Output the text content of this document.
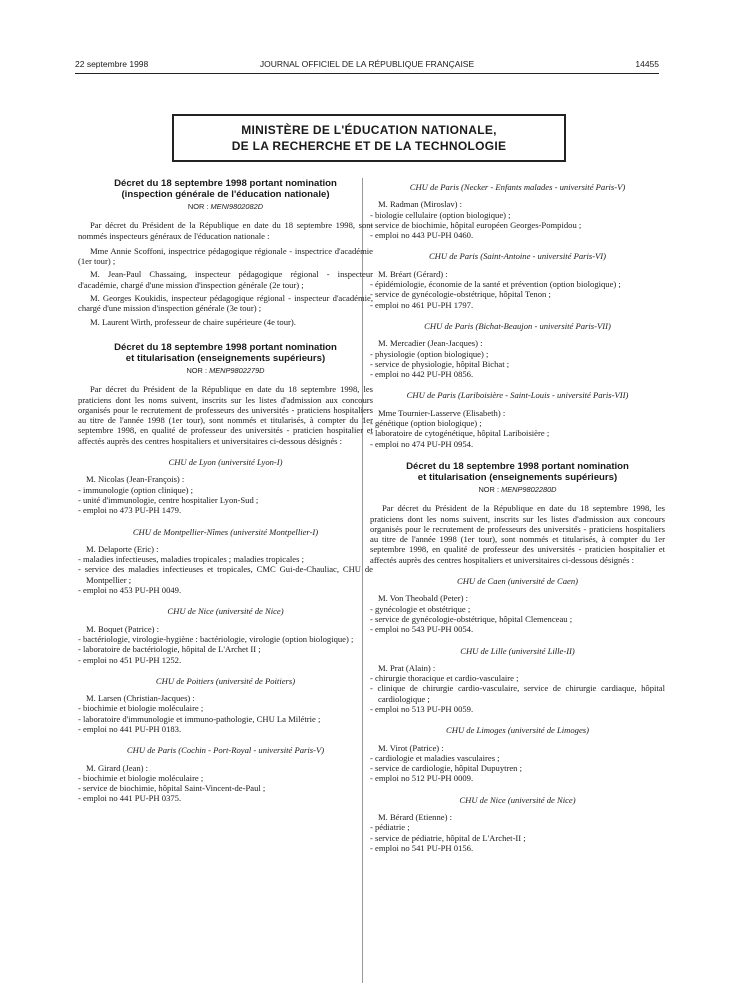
22 septembre 1998	JOURNAL OFFICIEL DE LA RÉPUBLIQUE FRANÇAISE	14455
MINISTÈRE DE L'ÉDUCATION NATIONALE,
DE LA RECHERCHE ET DE LA TECHNOLOGIE

Décret du 18 septembre 1998 portant nomination

(inspection générale de l'éducation nationale)

NOR : MENI9802082D

Par décret du Président de la République en date du 18 septembre 1998, sont nommés inspecteurs généraux de l'éducation nationale :

Mme Annie Scoffoni, inspectrice pédagogique régionale - inspectrice d'académie (1er tour) ;

M. Jean-Paul Chassaing, inspecteur pédagogique régional - inspecteur d'académie, chargé d'une mission d'inspection générale (2e tour) ;

M. Georges Koukidis, inspecteur pédagogique régional - inspecteur d'académie, chargé d'une mission d'inspection générale (3e tour) ;

M. Laurent Wirth, professeur de chaire supérieure (4e tour).

Décret du 18 septembre 1998 portant nomination

et titularisation (enseignements supérieurs)

NOR : MENP9802279D

Par décret du Président de la République en date du 18 septembre 1998, les praticiens dont les noms suivent, inscrits sur les listes d'admission aux concours organisés pour le recrutement de professeurs des universités - praticiens hospitaliers au titre de l'année 1998 (1er tour), sont nommés et titularisés, à compter du 1er septembre 1998, en qualité de professeur des universités - praticien hospitalier et affectés auprès des centres hospitaliers et universitaires ci-dessous désignés :

CHU de Lyon (université Lyon-I)

M. Nicolas (Jean-François) :

- immunologie (option clinique) ;

- unité d'immunologie, centre hospitalier Lyon-Sud ;

- emploi no 473 PU-PH 1479.

CHU de Montpellier-Nîmes (université Montpellier-I)

M. Delaporte (Eric) :

- maladies infectieuses, maladies tropicales ; maladies tropicales ;

- service des maladies infectieuses et tropicales, CMC Gui-de-Chauliac, CHU de Montpellier ;

- emploi no 453 PU-PH 0049.

CHU de Nice (université de Nice)

M. Boquet (Patrice) :

- bactériologie, virologie-hygiène : bactériologie, virologie (option biologique) ;

- laboratoire de bactériologie, hôpital de L'Archet II ;

- emploi no 451 PU-PH 1252.

CHU de Poitiers (université de Poitiers)

M. Larsen (Christian-Jacques) :

- biochimie et biologie moléculaire ;

- laboratoire d'immunologie et immuno-pathologie, CHU La Milétrie ;

- emploi no 441 PU-PH 0183.

CHU de Paris (Cochin - Port-Royal - université Paris-V)

M. Girard (Jean) :

- biochimie et biologie moléculaire ;

- service de biochimie, hôpital Saint-Vincent-de-Paul ;

- emploi no 441 PU-PH 0375.

CHU de Paris (Necker - Enfants malades - université Paris-V)

M. Radman (Miroslav) :

- biologie cellulaire (option biologique) ;

- service de biochimie, hôpital européen Georges-Pompidou ;

- emploi no 443 PU-PH 0460.

CHU de Paris (Saint-Antoine - université Paris-VI)

M. Bréart (Gérard) :

- épidémiologie, économie de la santé et prévention (option biologique) ;

- service de gynécologie-obstétrique, hôpital Tenon ;

- emploi no 461 PU-PH 1797.

CHU de Paris (Bichat-Beaujon - université Paris-VII)

M. Mercadier (Jean-Jacques) :

- physiologie (option biologique) ;

- service de physiologie, hôpital Bichat ;

- emploi no 442 PU-PH 0856.

CHU de Paris (Lariboisière - Saint-Louis - université Paris-VII)

Mme Tournier-Lasserve (Elisabeth) :

- génétique (option biologique) ;

- laboratoire de cytogénétique, hôpital Lariboisière ;

- emploi no 474 PU-PH 0954.

Décret du 18 septembre 1998 portant nomination

et titularisation (enseignements supérieurs)

NOR : MENP9802280D

Par décret du Président de la République en date du 18 septembre 1998, les praticiens dont les noms suivent, inscrits sur les listes d'admission aux concours organisés pour le recrutement de professeurs des universités - praticiens hospitaliers au titre de l'année 1998 (1er tour), sont nommés et titularisés, à compter du 1er septembre 1998, en qualité de professeur des universités - praticien hospitalier et affectés auprès des centres hospitaliers et universitaires ci-dessous désignés :

CHU de Caen (université de Caen)

M. Von Theobald (Peter) :

- gynécologie et obstétrique ;

- service de gynécologie-obstétrique, hôpital Clemenceau ;

- emploi no 543 PU-PH 0054.

CHU de Lille (université Lille-II)

M. Prat (Alain) :

- chirurgie thoracique et cardio-vasculaire ;

- clinique de chirurgie cardio-vasculaire, service de chirurgie cardiaque, hôpital cardiologique ;

- emploi no 513 PU-PH 0059.

CHU de Limoges (université de Limoges)

M. Virot (Patrice) :

- cardiologie et maladies vasculaires ;

- service de cardiologie, hôpital Dupuytren ;

- emploi no 512 PU-PH 0009.

CHU de Nice (université de Nice)

M. Bérard (Etienne) :

- pédiatrie ;

- service de pédiatrie, hôpital de L'Archet-II ;

- emploi no 541 PU-PH 0156.
